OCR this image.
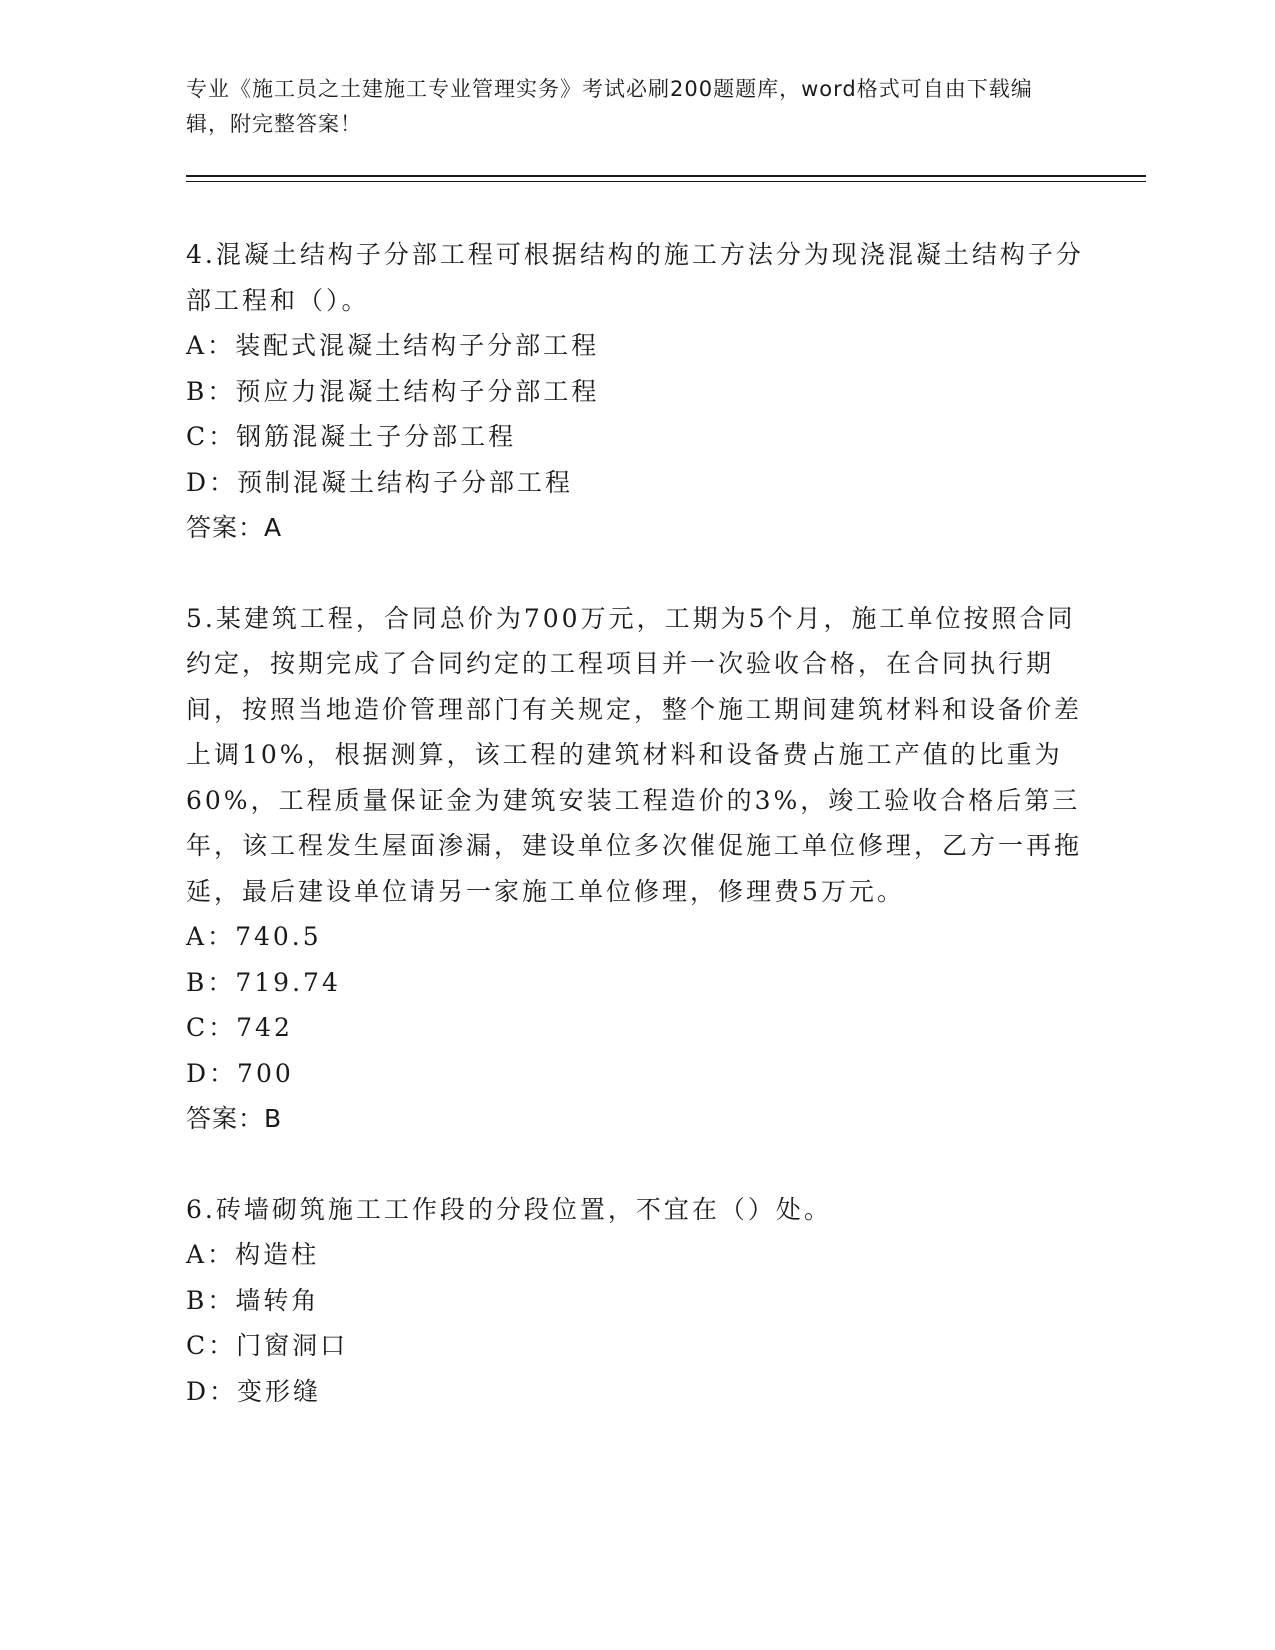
专业《施工员之土建施工专业管理实务》考试必刷200题题库，word格式可自由下载编辑，附完整答案！

4.混凝土结构子分部工程可根据结构的施工方法分为现浇混凝土结构子分部工程和（）。

A：装配式混凝土结构子分部工程

B：预应力混凝土结构子分部工程

C：钢筋混凝土子分部工程

D：预制混凝土结构子分部工程

答案：A

5.某建筑工程，合同总价为700万元，工期为5个月，施工单位按照合同约定，按期完成了合同约定的工程项目并一次验收合格，在合同执行期间，按照当地造价管理部门有关规定，整个施工期间建筑材料和设备价差上调10%，根据测算，该工程的建筑材料和设备费占施工产值的比重为60%，工程质量保证金为建筑安装工程造价的3%，竣工验收合格后第三年，该工程发生屋面渗漏，建设单位多次催促施工单位修理，乙方一再拖延，最后建设单位请另一家施工单位修理，修理费5万元。

A：740.5

B：719.74

C：742

D：700

答案：B

6.砖墙砌筑施工工作段的分段位置，不宜在（）处。

A：构造柱

B：墙转角

C：门窗洞口

D：变形缝
